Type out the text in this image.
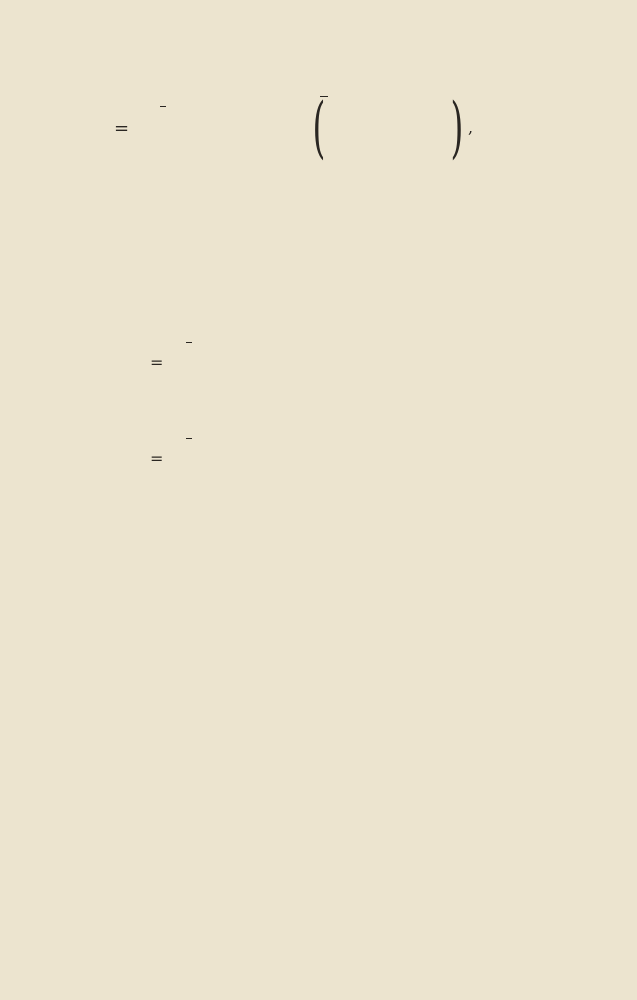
=	( ) ,
=
=
